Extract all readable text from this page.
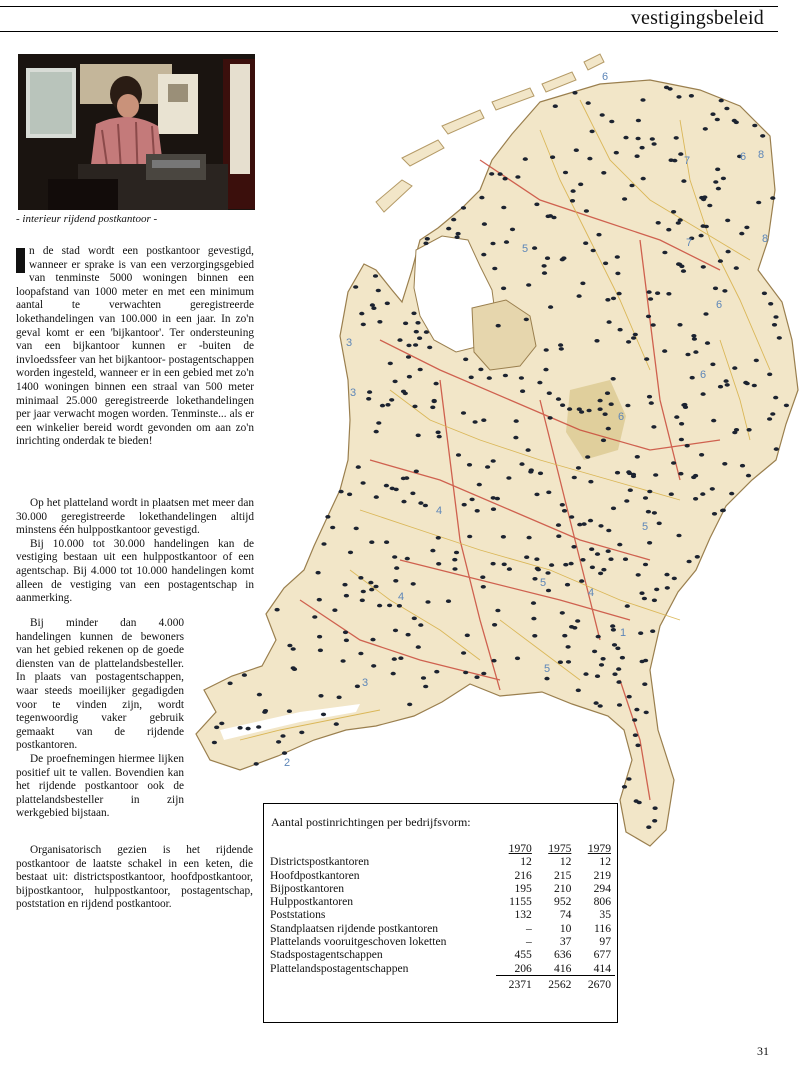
vestigingsbeleid
- interieur rijdend postkantoor -

n de stad wordt een postkantoor gevestigd, wanneer er sprake is van een verzorgingsgebied van tenminste 5000 woningen binnen een loopafstand van 1000 meter en met een minimum aantal te verwachten geregistreerde lokethandelingen van 100.000 in een jaar. In zo'n geval komt er een 'bijkantoor'. Ter ondersteuning van een bijkantoor kunnen er -buiten de invloedssfeer van het bijkantoor- postagentschappen worden ingesteld, wanneer er in een gebied met zo'n 1400 woningen binnen een straal van 500 meter minimaal 25.000 geregistreerde lokethandelingen per jaar verwacht mogen worden. Tenminste... als er een winkelier bereid wordt gevonden om aan zo'n inrichting onderdak te bieden!

Op het platteland wordt in plaatsen met meer dan 30.000 geregistreerde lokethandelingen altijd minstens één hulppostkantoor gevestigd.

Bij 10.000 tot 30.000 handelingen kan de vestiging bestaan uit een hulppostkantoor of een agentschap. Bij 4.000 tot 10.000 handelingen komt alleen de vestiging van een postagentschap in aanmerking.

Bij minder dan 4.000 handelingen kunnen de bewoners van het gebied rekenen op de goede diensten van de plattelandsbesteller. In plaats van postagentschappen, waar steeds moeilijker gegadigden voor te vinden zijn, wordt tegenwoordig vaker gebruik gemaakt van de rijdende postkantoren.

De proefnemingen hiermee lijken positief uit te vallen. Bovendien kan het rijdende postkantoor ook de plattelandsbesteller in zijn werkgebied bijstaan.

Organisatorisch gezien is het rijdende postkantoor de laatste schakel in een keten, die bestaat uit: districtspostkantoor, hoofdpostkantoor, bijpostkantoor, hulppostkantoor, postagentschap, poststation en rijdend postkantoor.

6
6 8
8
7
7
6
5
3
3
4
4	4
5
5
5
3
2
1
6
6
Aantal postinrichtingen per bedrijfsvorm:
	1970	1975	1979
Districtspostkantoren	12	12	12
Hoofdpostkantoren	216	215	219
Bijpostkantoren	195	210	294
Hulppostkantoren	1155	952	806
Poststations	132	74	35
Standplaatsen rijdende postkantoren	–	10	116
Plattelands vooruitgeschoven loketten	–	37	97
Stadspostagentschappen	455	636	677
Plattelandspostagentschappen	206	416	414
	2371	2562	2670
31
